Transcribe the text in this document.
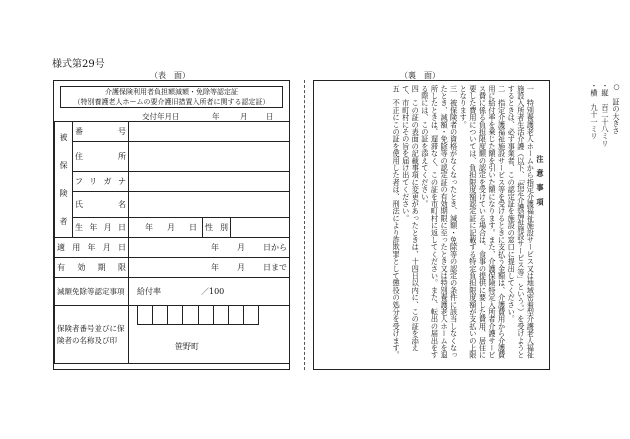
様式第29号
（表　面）	（裏　面）
介護保険利用者負担額減額・免除等認定証
（特別養護老人ホームの要介護旧措置入所者に関する認定証）
交付年月日	年	月 日
被
保
険
者	番号			
	住所			
	フリガナ			
	氏名			
	生年月日	年 月 日	性別	
適用年月日		年 月 日から		
有効期限		年 月 日まで		
減額免除等認定事項		給付率 ／100		
保険者番号並びに保険者の名称及び印		笹野町		

注　意　事　項

一　特別養護老人ホームから指定介護福祉施設サービス又は地域密着型介護老人福祉施設入所者生活介護（以下、「指定介護福祉施設サービス等」という。）を受けようとするときは、必ず事業者、この認定証を施設の窓口に提出してください。

二　指定介護福祉施設サービス等を受けるときに支払う金額は、介護費用から介護費用に給付率を乗じた額を引いた額になります。また、介護保険特定入所者介護サービス費に係る負担限度額の認定を受けている場合は、食事の提供に要した費用、居住に要した費用については、負担限度額認定証に記載する特定負担限度額が支払いの上限となります。

三　被保険者の資格がなくなったとき、減額・免除等の認定の条件に該当しなくなったとき、減額・免除等の認定証の有効期限に至ったとき又は特別養護老人ホームを退所したときは、遅滞なく、この証を市町村に返してください。また、転出の届出をする際には、この証を添えてください。

四　この証の表面の記載事項に変更があったときは、十四日以内に、この証を添えて、市町村にその旨を届け出てください。

五　不正にこの証を使用した者は、刑法により詐欺罪として懲役の処分を受けます。	○　証の大きさ

・縦　百二十八ミリ

・横　九十一ミリ
